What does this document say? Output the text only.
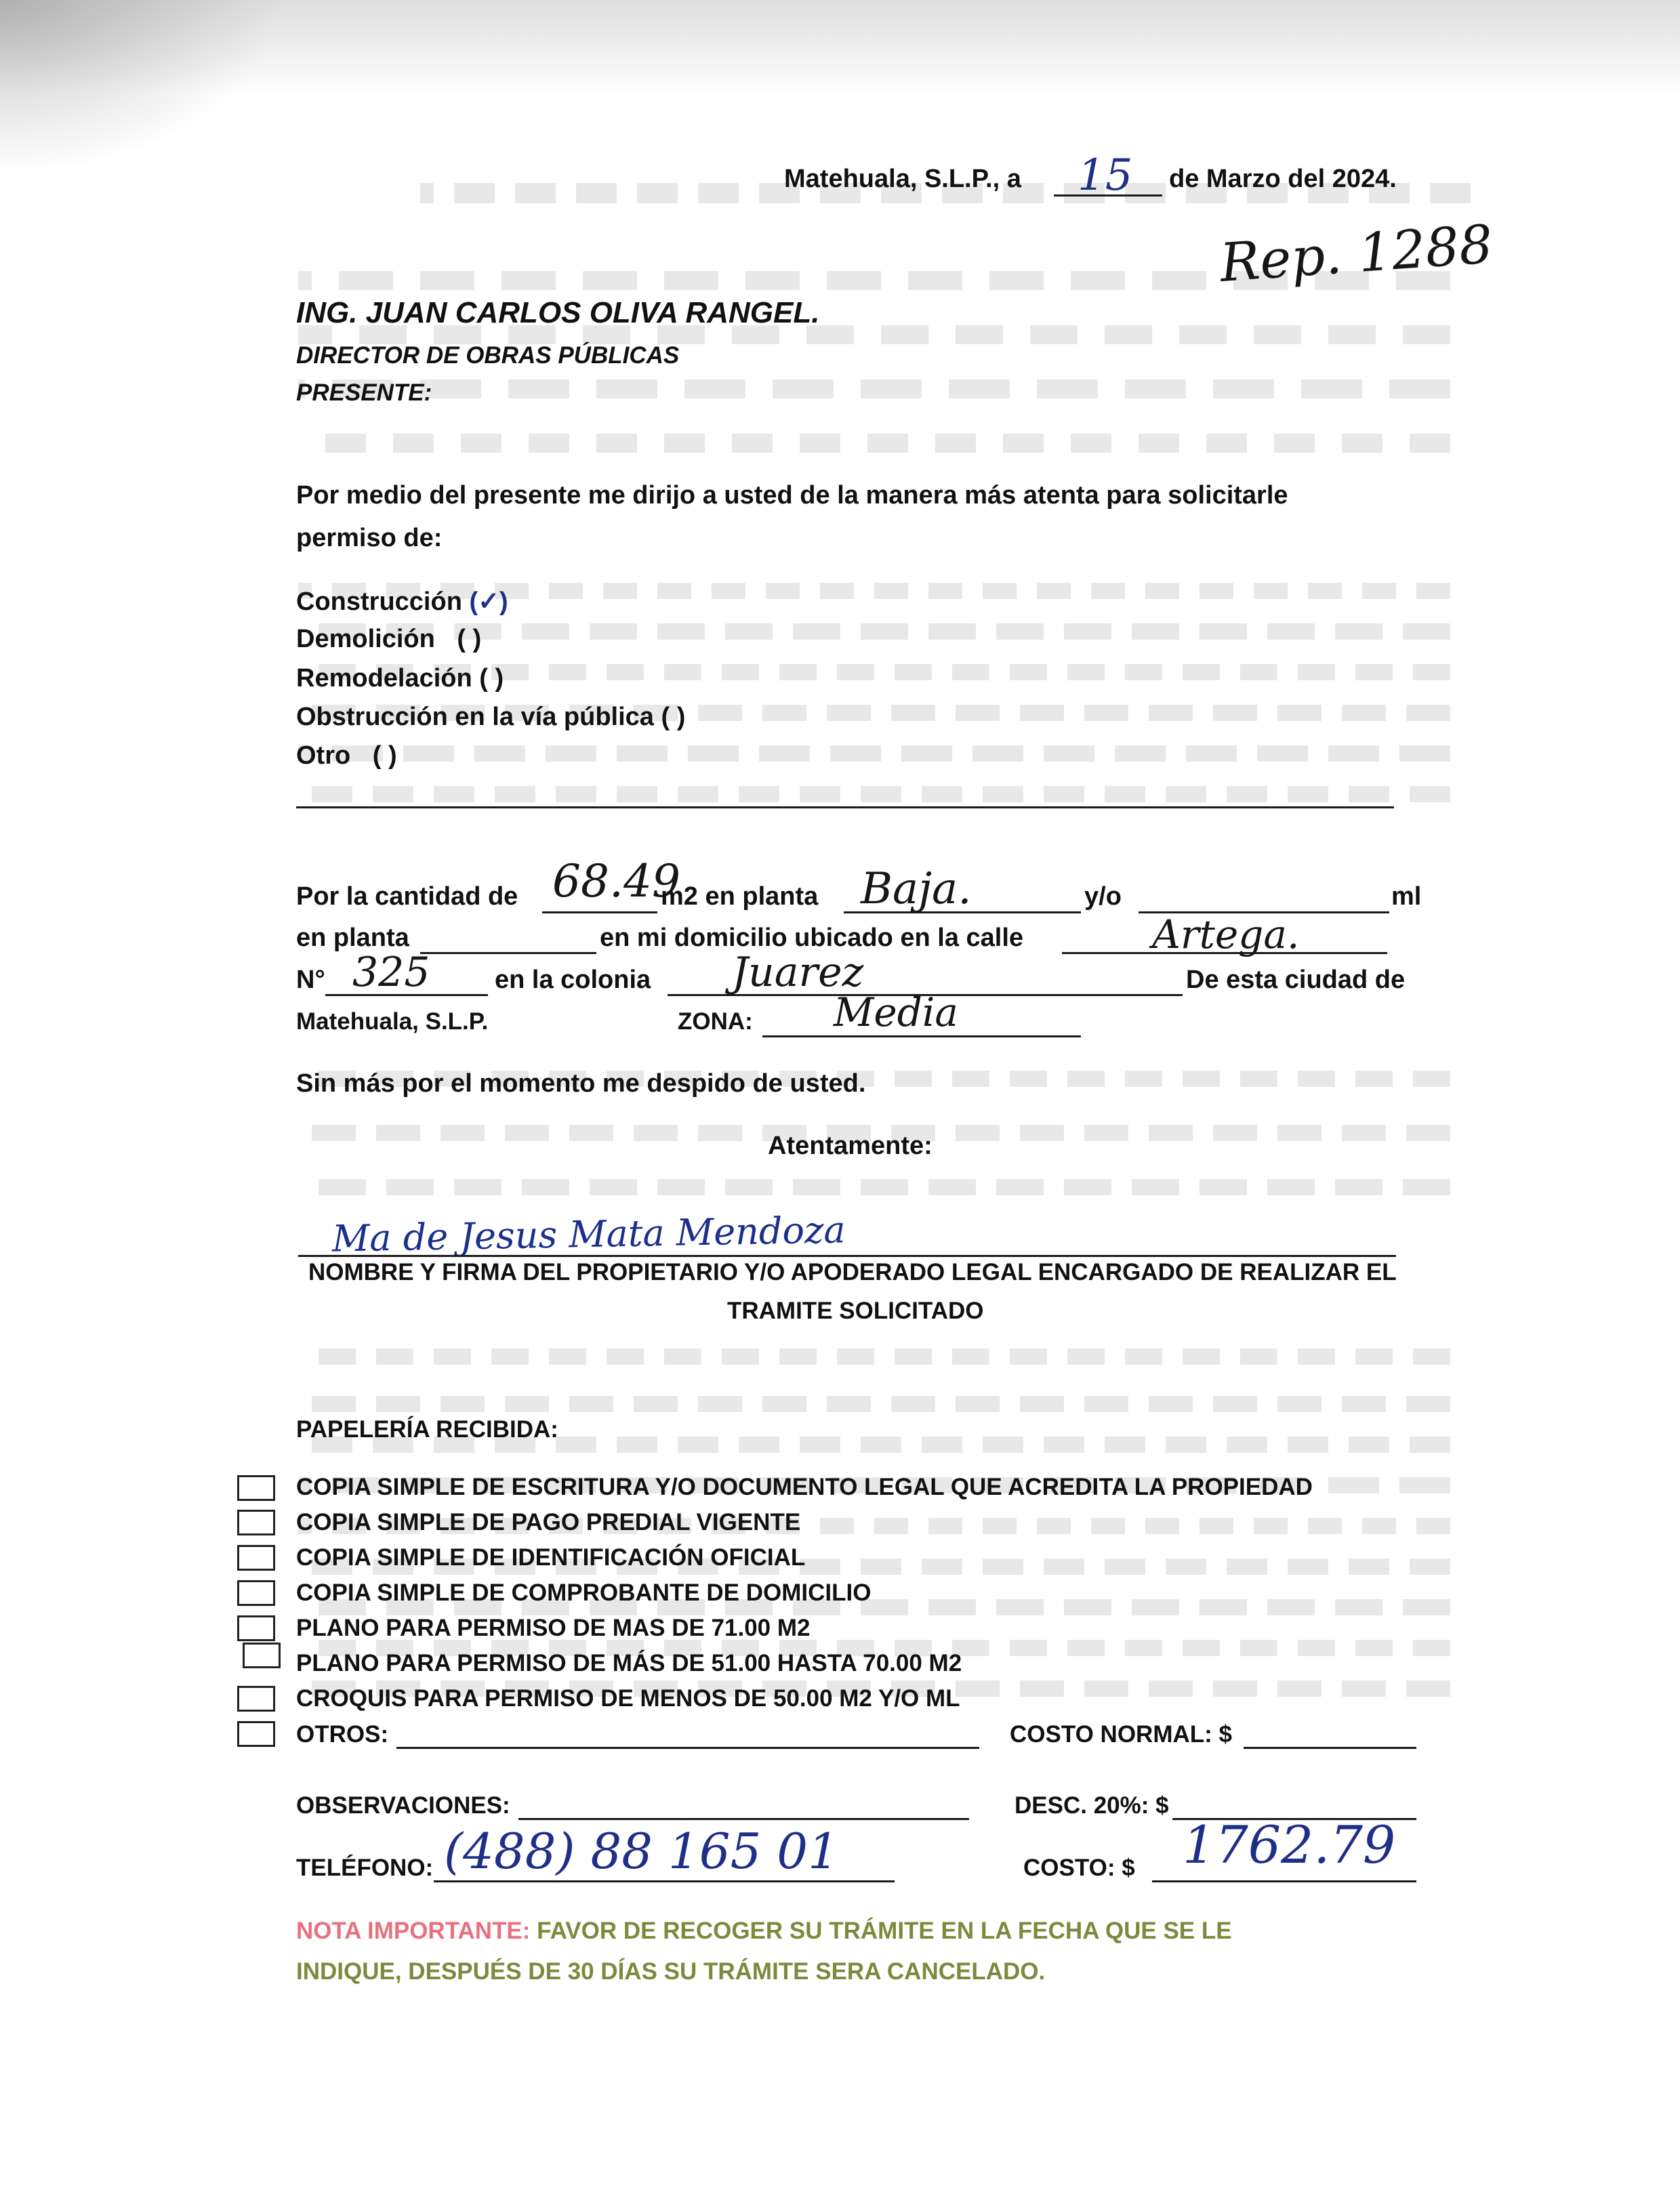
Matehuala, S.L.P., a 15 de Marzo del 2024.
Rep. 1288
ING. JUAN CARLOS OLIVA RANGEL.
DIRECTOR DE OBRAS PÚBLICAS
PRESENTE:
Por medio del presente me dirijo a usted de la manera más atenta para solicitarle
permiso de:
Construcción (✓)
Demolición ( )
Remodelación ( )
Obstrucción en la vía pública ( )
Otro ( )
Por la cantidad de 68.49
m2 en planta Baja.	y/o	ml
en planta	en mi domicilio ubicado en la calle	Artega.
N° 325	en la colonia Juarez	De esta ciudad de
Matehuala, S.L.P.	ZONA: Media
Sin más por el momento me despido de usted.
Atentamente:
Ma de Jesus Mata Mendoza
NOMBRE Y FIRMA DEL PROPIETARIO Y/O APODERADO LEGAL ENCARGADO DE REALIZAR EL
TRAMITE SOLICITADO
PAPELERÍA RECIBIDA:
COPIA SIMPLE DE ESCRITURA Y/O DOCUMENTO LEGAL QUE ACREDITA LA PROPIEDAD
COPIA SIMPLE DE PAGO PREDIAL VIGENTE
COPIA SIMPLE DE IDENTIFICACIÓN OFICIAL
COPIA SIMPLE DE COMPROBANTE DE DOMICILIO
PLANO PARA PERMISO DE MAS DE 71.00 M2
PLANO PARA PERMISO DE MÁS DE 51.00 HASTA 70.00 M2
CROQUIS PARA PERMISO DE MENOS DE 50.00 M2 Y/O ML
OTROS:	COSTO NORMAL: $
OBSERVACIONES:	DESC. 20%: $
TELÉFONO: (488) 88 165 01	COSTO: $ 1762.79
NOTA IMPORTANTE: FAVOR DE RECOGER SU TRÁMITE EN LA FECHA QUE SE LE
INDIQUE, DESPUÉS DE 30 DÍAS SU TRÁMITE SERA CANCELADO.
